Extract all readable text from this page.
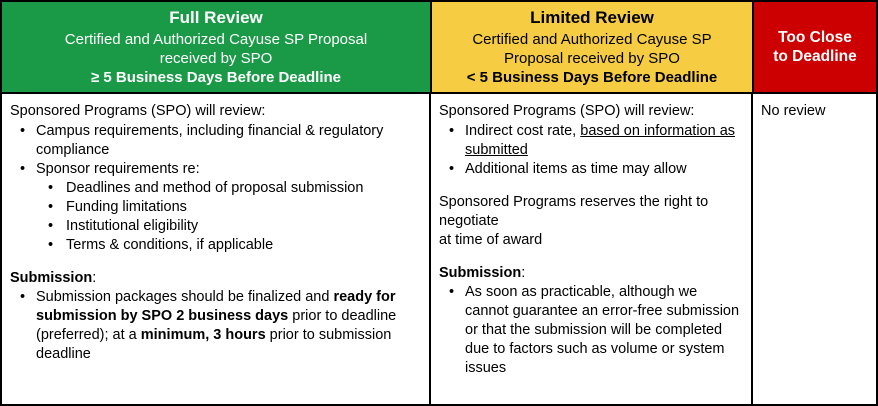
Full Review
Certified and Authorized Cayuse SP Proposal
received by SPO
≥ 5 Business Days Before Deadline
Limited Review
Certified and Authorized Cayuse SP
Proposal received by SPO
< 5 Business Days Before Deadline
Too Close
to Deadline

Sponsored Programs (SPO) will review:

• Campus requirements, including financial & regulatory compliance
• Sponsor requirements re:
• Deadlines and method of proposal submission
• Funding limitations
• Institutional eligibility
• Terms & conditions, if applicable

Submission:

• Submission packages should be finalized and ready for submission by SPO 2 business days prior to deadline (preferred); at a minimum, 3 hours prior to submission deadline

Sponsored Programs (SPO) will review:

• Indirect cost rate, based on information as submitted
• Additional items as time may allow

Sponsored Programs reserves the right to negotiate

at time of award

Submission:

• As soon as practicable, although we cannot guarantee an error-free submission or that the submission will be completed due to factors such as volume or system issues

No review
